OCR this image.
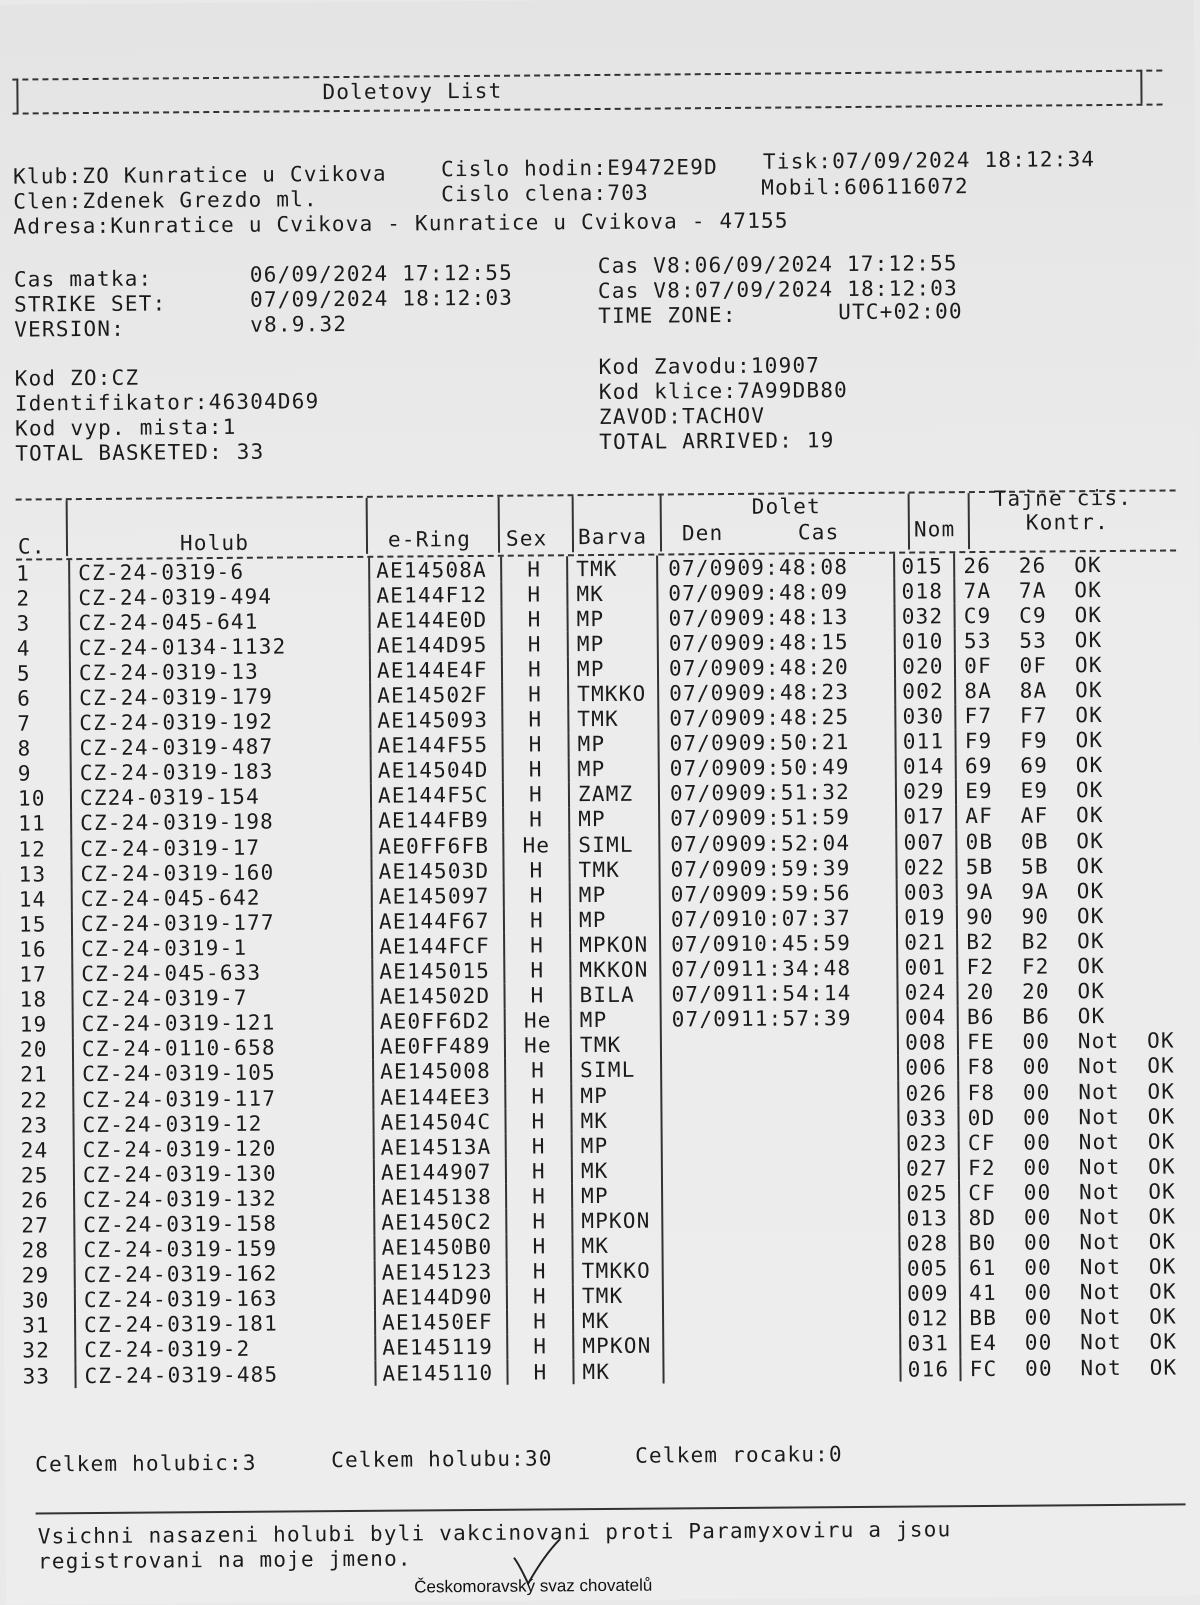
Doletovy List
Klub:ZO Kunratice u Cvikova	Cislo hodin:E9472E9D Tisk:07/09/2024 18:12:34
Clen:Zdenek Grezdo ml.	Cislo clena:703	Mobil:606116072
Adresa:Kunratice u Cvikova - Kunratice u Cvikova - 47155
Cas matka:	06/09/2024 17:12:55
STRIKE SET:	07/09/2024 18:12:03
VERSION:	v8.9.32
Cas V8:06/09/2024 17:12:55
Cas V8:07/09/2024 18:12:03
TIME ZONE:	UTC+02:00
Kod ZO:CZ
Identifikator:46304D69
Kod vyp. mista:1
TOTAL BASKETED: 33
Kod Zavodu:10907
Kod klice:7A99DB80
ZAVOD:TACHOV
TOTAL ARRIVED: 19
C.	Holub	e-Ring Sex Barva
Dolet
Den	Cas	Nom
Tajne cis.
Kontr.
1	CZ-24-0319-6	AE14508A	H	TMK	07/09	09:48:08	015	26  26  OK
2	CZ-24-0319-494	AE144F12	H	MK	07/09	09:48:09	018	7A  7A  OK
3	CZ-24-045-641	AE144E0D	H	MP	07/09	09:48:13	032	C9  C9  OK
4	CZ-24-0134-1132	AE144D95	H	MP	07/09	09:48:15	010	53  53  OK
5	CZ-24-0319-13	AE144E4F	H	MP	07/09	09:48:20	020	0F  0F  OK
6	CZ-24-0319-179	AE14502F	H	TMKKO	07/09	09:48:23	002	8A  8A  OK
7	CZ-24-0319-192	AE145093	H	TMK	07/09	09:48:25	030	F7  F7  OK
8	CZ-24-0319-487	AE144F55	H	MP	07/09	09:50:21	011	F9  F9  OK
9	CZ-24-0319-183	AE14504D	H	MP	07/09	09:50:49	014	69  69  OK
10	CZ24-0319-154	AE144F5C	H	ZAMZ	07/09	09:51:32	029	E9  E9  OK
11	CZ-24-0319-198	AE144FB9	H	MP	07/09	09:51:59	017	AF  AF  OK
12	CZ-24-0319-17	AE0FF6FB	He	SIML	07/09	09:52:04	007	0B  0B  OK
13	CZ-24-0319-160	AE14503D	H	TMK	07/09	09:59:39	022	5B  5B  OK
14	CZ-24-045-642	AE145097	H	MP	07/09	09:59:56	003	9A  9A  OK
15	CZ-24-0319-177	AE144F67	H	MP	07/09	10:07:37	019	90  90  OK
16	CZ-24-0319-1	AE144FCF	H	MPKON	07/09	10:45:59	021	B2  B2  OK
17	CZ-24-045-633	AE145015	H	MKKON	07/09	11:34:48	001	F2  F2  OK
18	CZ-24-0319-7	AE14502D	H	BILA	07/09	11:54:14	024	20  20  OK
19	CZ-24-0319-121	AE0FF6D2	He	MP	07/09	11:57:39	004	B6  B6  OK
20	CZ-24-0110-658	AE0FF489	He	TMK			008	FE  00  Not  OK
21	CZ-24-0319-105	AE145008	H	SIML			006	F8  00  Not  OK
22	CZ-24-0319-117	AE144EE3	H	MP			026	F8  00  Not  OK
23	CZ-24-0319-12	AE14504C	H	MK			033	0D  00  Not  OK
24	CZ-24-0319-120	AE14513A	H	MP			023	CF  00  Not  OK
25	CZ-24-0319-130	AE144907	H	MK			027	F2  00  Not  OK
26	CZ-24-0319-132	AE145138	H	MP			025	CF  00  Not  OK
27	CZ-24-0319-158	AE1450C2	H	MPKON			013	8D  00  Not  OK
28	CZ-24-0319-159	AE1450B0	H	MK			028	B0  00  Not  OK
29	CZ-24-0319-162	AE145123	H	TMKKO			005	61  00  Not  OK
30	CZ-24-0319-163	AE144D90	H	TMK			009	41  00  Not  OK
31	CZ-24-0319-181	AE1450EF	H	MK			012	BB  00  Not  OK
32	CZ-24-0319-2	AE145119	H	MPKON			031	E4  00  Not  OK
33	CZ-24-0319-485	AE145110	H	MK			016	FC  00  Not  OK
Celkem holubic:3	Celkem holubu:30	Celkem rocaku:0
Vsichni nasazeni holubi byli vakcinovani proti Paramyxoviru a jsou
registrovani na moje jmeno.
Českomoravský svaz chovatelů
